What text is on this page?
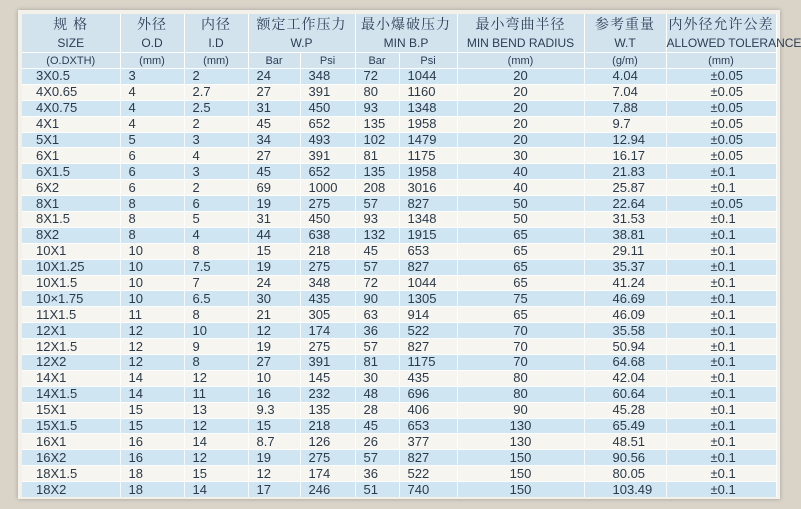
规 格	外径	内径	额定工作压力		最小爆破压力		最小弯曲半径	参考重量	内外径允许公差
SIZE	O.D	I.D	W.P		MIN B.P		MIN BEND RADIUS	W.T	ALLOWED TOLERANCE
(O.DXTH)	(mm)	(mm)	Bar	Psi	Bar	Psi	(mm)	(g/m)	(mm)
3X0.5	3	2	24	348	72	1044	20	4.04	±0.05
4X0.65	4	2.7	27	391	80	1160	20	7.04	±0.05
4X0.75	4	2.5	31	450	93	1348	20	7.88	±0.05
4X1	4	2	45	652	135	1958	20	9.7	±0.05
5X1	5	3	34	493	102	1479	20	12.94	±0.05
6X1	6	4	27	391	81	1175	30	16.17	±0.05
6X1.5	6	3	45	652	135	1958	40	21.83	±0.1
6X2	6	2	69	1000	208	3016	40	25.87	±0.1
8X1	8	6	19	275	57	827	50	22.64	±0.05
8X1.5	8	5	31	450	93	1348	50	31.53	±0.1
8X2	8	4	44	638	132	1915	65	38.81	±0.1
10X1	10	8	15	218	45	653	65	29.11	±0.1
10X1.25	10	7.5	19	275	57	827	65	35.37	±0.1
10X1.5	10	7	24	348	72	1044	65	41.24	±0.1
10×1.75	10	6.5	30	435	90	1305	75	46.69	±0.1
11X1.5	11	8	21	305	63	914	65	46.09	±0.1
12X1	12	10	12	174	36	522	70	35.58	±0.1
12X1.5	12	9	19	275	57	827	70	50.94	±0.1
12X2	12	8	27	391	81	1175	70	64.68	±0.1
14X1	14	12	10	145	30	435	80	42.04	±0.1
14X1.5	14	11	16	232	48	696	80	60.64	±0.1
15X1	15	13	9.3	135	28	406	90	45.28	±0.1
15X1.5	15	12	15	218	45	653	130	65.49	±0.1
16X1	16	14	8.7	126	26	377	130	48.51	±0.1
16X2	16	12	19	275	57	827	150	90.56	±0.1
18X1.5	18	15	12	174	36	522	150	80.05	±0.1
18X2	18	14	17	246	51	740	150	103.49	±0.1
